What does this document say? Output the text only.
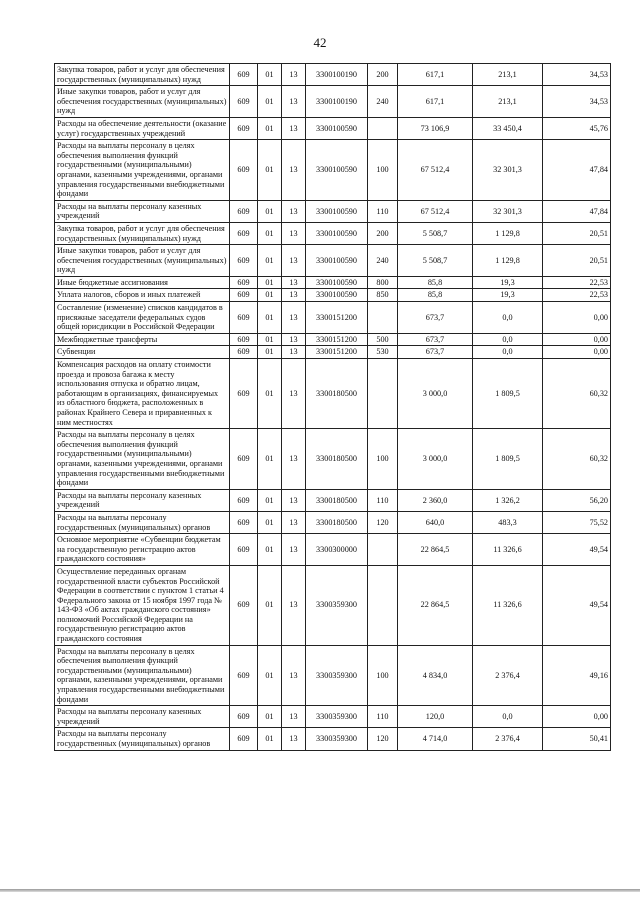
42
Закупка товаров, работ и услуг для обеспечения государственных (муниципальных) нужд	609	01	13	3300100190	200	617,1	213,1	34,53
Иные закупки товаров, работ и услуг для обеспечения государственных (муниципальных) нужд	609	01	13	3300100190	240	617,1	213,1	34,53
Расходы на обеспечение деятельности (оказание услуг) государственных учреждений	609	01	13	3300100590		73 106,9	33 450,4	45,76
Расходы на выплаты персоналу в целях обеспечения выполнения функций государственными (муниципальными) органами, казенными учреждениями, органами управления государственными внебюджетными фондами	609	01	13	3300100590	100	67 512,4	32 301,3	47,84
Расходы на выплаты персоналу казенных учреждений	609	01	13	3300100590	110	67 512,4	32 301,3	47,84
Закупка товаров, работ и услуг для обеспечения государственных (муниципальных) нужд	609	01	13	3300100590	200	5 508,7	1 129,8	20,51
Иные закупки товаров, работ и услуг для обеспечения государственных (муниципальных) нужд	609	01	13	3300100590	240	5 508,7	1 129,8	20,51
Иные бюджетные ассигнования	609	01	13	3300100590	800	85,8	19,3	22,53
Уплата налогов, сборов и иных платежей	609	01	13	3300100590	850	85,8	19,3	22,53
Составление (изменение) списков кандидатов в присяжные заседатели федеральных судов общей юрисдикции в Российской Федерации	609	01	13	3300151200		673,7	0,0	0,00
Межбюджетные трансферты	609	01	13	3300151200	500	673,7	0,0	0,00
Субвенции	609	01	13	3300151200	530	673,7	0,0	0,00
Компенсация расходов на оплату стоимости проезда и провоза багажа к месту использования отпуска и обратно лицам, работающим в организациях, финансируемых из областного бюджета, расположенных в районах Крайнего Севера и приравненных к ним местностях	609	01	13	3300180500		3 000,0	1 809,5	60,32
Расходы на выплаты персоналу в целях обеспечения выполнения функций государственными (муниципальными) органами, казенными учреждениями, органами управления государственными внебюджетными фондами	609	01	13	3300180500	100	3 000,0	1 809,5	60,32
Расходы на выплаты персоналу казенных учреждений	609	01	13	3300180500	110	2 360,0	1 326,2	56,20
Расходы на выплаты персоналу государственных (муниципальных) органов	609	01	13	3300180500	120	640,0	483,3	75,52
Основное мероприятие «Субвенции бюджетам на государственную регистрацию актов гражданского состояния»	609	01	13	3300300000		22 864,5	11 326,6	49,54
Осуществление переданных органам государственной власти субъектов Российской Федерации в соответствии с пунктом 1 статьи 4 Федерального закона от 15 ноября 1997 года № 143-ФЗ «Об актах гражданского состояния» полномочий Российской Федерации на государственную регистрацию актов гражданского состояния	609	01	13	3300359300		22 864,5	11 326,6	49,54
Расходы на выплаты персоналу в целях обеспечения выполнения функций государственными (муниципальными) органами, казенными учреждениями, органами управления государственными внебюджетными фондами	609	01	13	3300359300	100	4 834,0	2 376,4	49,16
Расходы на выплаты персоналу казенных учреждений	609	01	13	3300359300	110	120,0	0,0	0,00
Расходы на выплаты персоналу государственных (муниципальных) органов	609	01	13	3300359300	120	4 714,0	2 376,4	50,41
